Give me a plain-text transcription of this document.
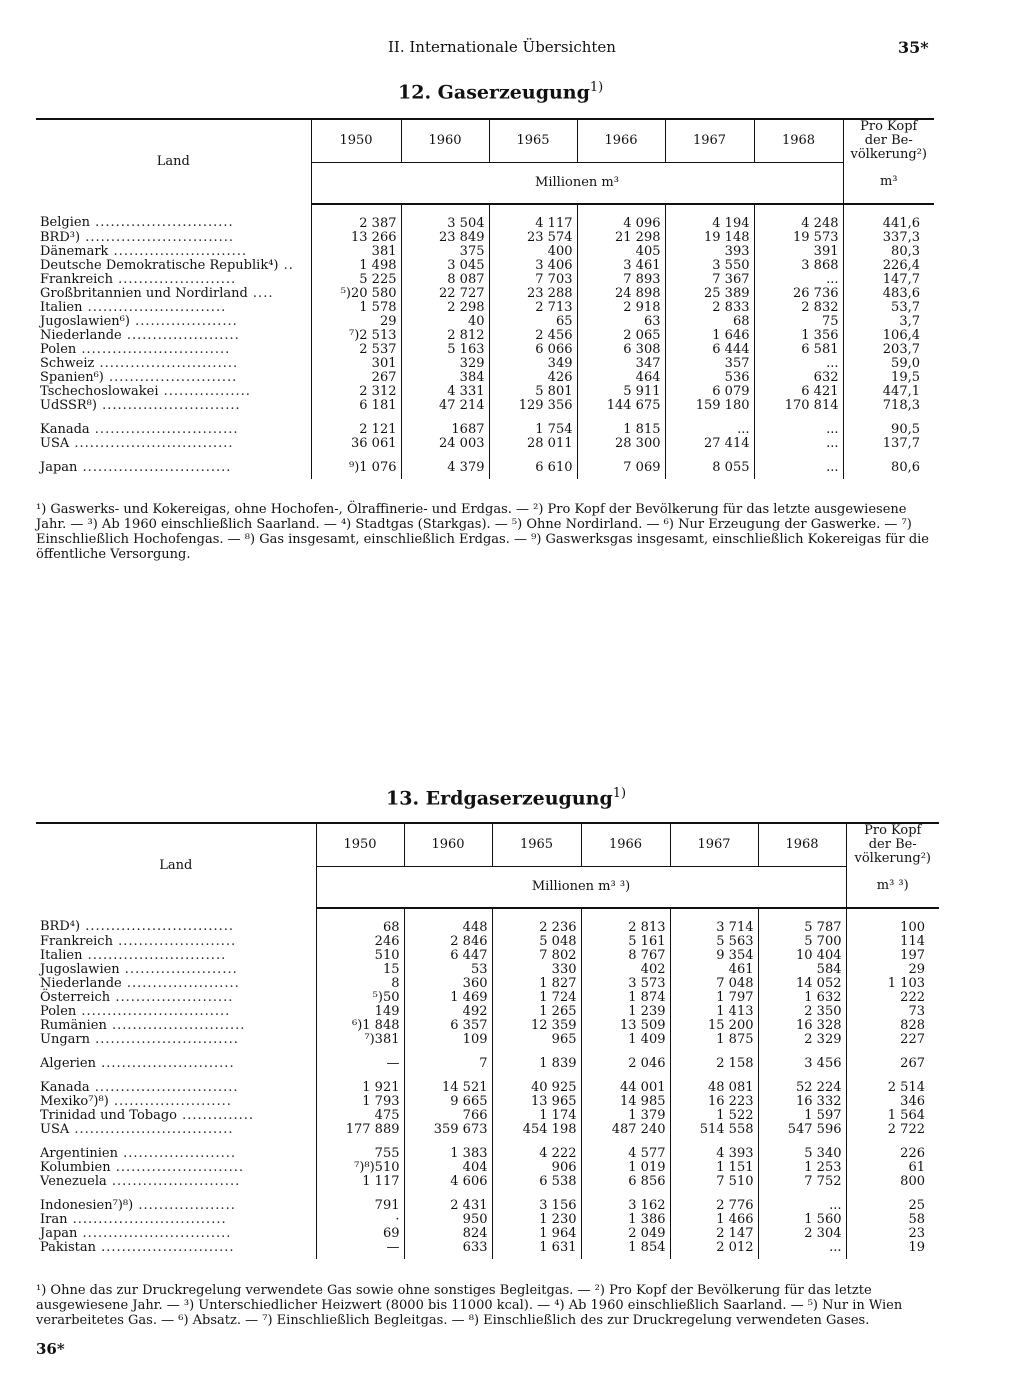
II. Internationale Übersichten	35*
12. Gaserzeugung$^{1)}$
Land	1950	1960	1965	1966	1967	1968	Pro Kopf
der Be-
völkerung²)
	Millionen m³						m³
Belgien ...........................	2 387	3 504	4 117	4 096	4 194	4 248	441,6
BRD³) .............................	13 266	23 849	23 574	21 298	19 148	19 573	337,3
Dänemark ..........................	381	375	400	405	393	391	80,3
Deutsche Demokratische Republik⁴) ..	1 498	3 045	3 406	3 461	3 550	3 868	226,4
Frankreich .......................	5 225	8 087	7 703	7 893	7 367	...	147,7
Großbritannien und Nordirland ....	⁵)20 580	22 727	23 288	24 898	25 389	26 736	483,6
Italien ...........................	1 578	2 298	2 713	2 918	2 833	2 832	53,7
Jugoslawien⁶) ....................	29	40	65	63	68	75	3,7
Niederlande ......................	⁷)2 513	2 812	2 456	2 065	1 646	1 356	106,4
Polen .............................	2 537	5 163	6 066	6 308	6 444	6 581	203,7
Schweiz ...........................	301	329	349	347	357	...	59,0
Spanien⁶) .........................	267	384	426	464	536	632	19,5
Tschechoslowakei .................	2 312	4 331	5 801	5 911	6 079	6 421	447,1
UdSSR⁸) ...........................	6 181	47 214	129 356	144 675	159 180	170 814	718,3
Kanada ............................	2 121	1687	1 754	1 815	...	...	90,5
USA ...............................	36 061	24 003	28 011	28 300	27 414	...	137,7
Japan .............................	⁹)1 076	4 379	6 610	7 069	8 055	...	80,6
¹) Gaswerks- und Kokereigas, ohne Hochofen-, Ölraffinerie- und Erdgas. — ²) Pro Kopf der Bevölkerung für das letzte ausgewiesene Jahr. — ³) Ab 1960 einschließlich Saarland. — ⁴) Stadtgas (Starkgas). — ⁵) Ohne Nordirland. — ⁶) Nur Erzeugung der Gaswerke. — ⁷) Einschließlich Hochofengas. — ⁸) Gas insgesamt, einschließlich Erdgas. — ⁹) Gaswerksgas insgesamt, einschließlich Kokereigas für die öffentliche Versorgung.
13. Erdgaserzeugung$^{1)}$
Land	1950	1960	1965	1966	1967	1968	Pro Kopf
der Be-
völkerung²)
	Millionen m³ ³)						m³ ³)
BRD⁴) .............................	68	448	2 236	2 813	3 714	5 787	100
Frankreich .......................	246	2 846	5 048	5 161	5 563	5 700	114
Italien ...........................	510	6 447	7 802	8 767	9 354	10 404	197
Jugoslawien ......................	15	53	330	402	461	584	29
Niederlande ......................	8	360	1 827	3 573	7 048	14 052	1 103
Österreich .......................	⁵)50	1 469	1 724	1 874	1 797	1 632	222
Polen .............................	149	492	1 265	1 239	1 413	2 350	73
Rumänien ..........................	⁶)1 848	6 357	12 359	13 509	15 200	16 328	828
Ungarn ............................	⁷)381	109	965	1 409	1 875	2 329	227
Algerien ..........................	—	7	1 839	2 046	2 158	3 456	267
Kanada ............................	1 921	14 521	40 925	44 001	48 081	52 224	2 514
Mexiko⁷)⁸) .......................	1 793	9 665	13 965	14 985	16 223	16 332	346
Trinidad und Tobago ..............	475	766	1 174	1 379	1 522	1 597	1 564
USA ...............................	177 889	359 673	454 198	487 240	514 558	547 596	2 722
Argentinien ......................	755	1 383	4 222	4 577	4 393	5 340	226
Kolumbien .........................	⁷)⁸)510	404	906	1 019	1 151	1 253	61
Venezuela .........................	1 117	4 606	6 538	6 856	7 510	7 752	800
Indonesien⁷)⁸) ...................	791	2 431	3 156	3 162	2 776	...	25
Iran ..............................	·	950	1 230	1 386	1 466	1 560	58
Japan .............................	69	824	1 964	2 049	2 147	2 304	23
Pakistan ..........................	—	633	1 631	1 854	2 012	...	19
¹) Ohne das zur Druckregelung verwendete Gas sowie ohne sonstiges Begleitgas. — ²) Pro Kopf der Bevölkerung für das letzte ausgewiesene Jahr. — ³) Unterschiedlicher Heizwert (8000 bis 11000 kcal). — ⁴) Ab 1960 einschließlich Saarland. — ⁵) Nur in Wien verarbeitetes Gas. — ⁶) Absatz. — ⁷) Einschließlich Begleitgas. — ⁸) Einschließlich des zur Druckregelung verwendeten Gases.
36*
